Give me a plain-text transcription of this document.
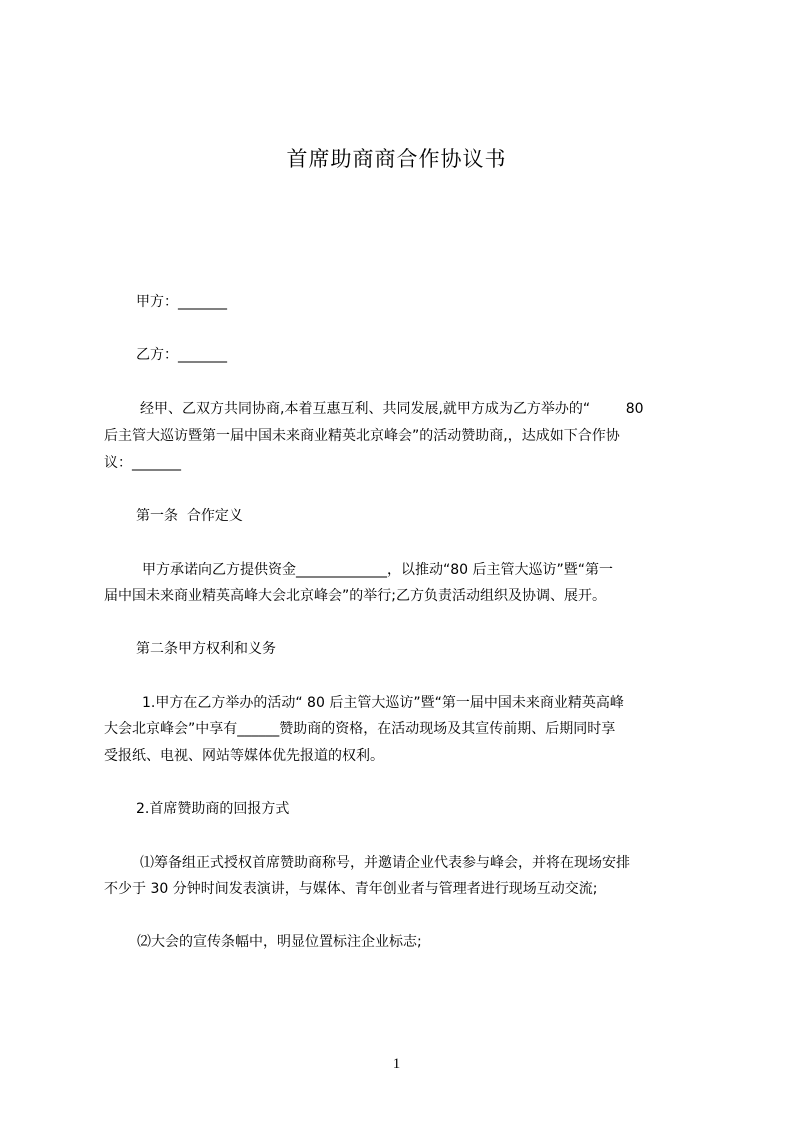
首席助商商合作协议书
甲方：_______
乙方：_______
经甲、乙双方共同协商,本着互惠互利、共同发展,就甲方成为乙方举办的“        80
后主管大巡访暨第一届中国未来商业精英北京峰会”的活动赞助商,，达成如下合作协
议：_______
第一条  合作定义
甲方承诺向乙方提供资金_____________，以推动“80 后主管大巡访”暨“第一
届中国未来商业精英高峰大会北京峰会”的举行;乙方负责活动组织及协调、展开。
第二条甲方权利和义务
1.甲方在乙方举办的活动“ 80 后主管大巡访”暨“第一届中国未来商业精英高峰
大会北京峰会”中享有______赞助商的资格，在活动现场及其宣传前期、后期同时享
受报纸、电视、网站等媒体优先报道的权利。
2.首席赞助商的回报方式
⑴筹备组正式授权首席赞助商称号，并邀请企业代表参与峰会，并将在现场安排
不少于 30 分钟时间发表演讲，与媒体、青年创业者与管理者进行现场互动交流;
⑵大会的宣传条幅中，明显位置标注企业标志;
1
